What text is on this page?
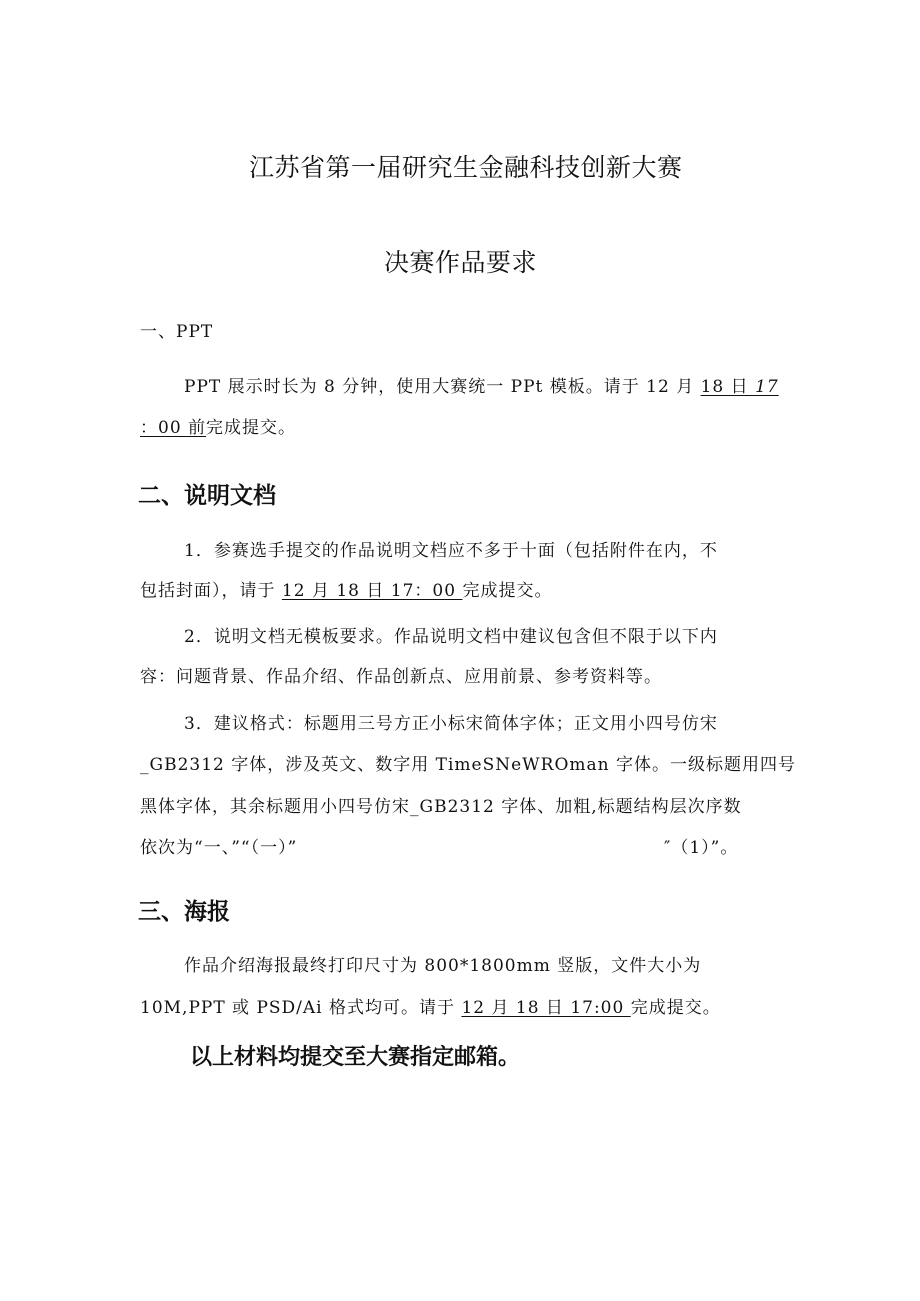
江苏省第一届研究生金融科技创新大赛
决赛作品要求
一、PPT
PPT 展示时长为 8 分钟，使用大赛统一 PPt 模板。请于 12 月 18 日 17
：00 前完成提交。
二、说明文档
1．参赛选手提交的作品说明文档应不多于十面（包括附件在内，不
包括封面），请于 12 月 18 日 17：00 完成提交。
2．说明文档无模板要求。作品说明文档中建议包含但不限于以下内
容：问题背景、作品介绍、作品创新点、应用前景、参考资料等。
3．建议格式：标题用三号方正小标宋简体字体；正文用小四号仿宋
_GB2312 字体，涉及英文、数字用 TimeSNeWROman 字体。一级标题用四号
黑体字体，其余标题用小四号仿宋_GB2312 字体、加粗,标题结构层次序数
依次为“一、”“（一）”	″（1）”。
三、海报
作品介绍海报最终打印尺寸为 800*1800mm 竖版，文件大小为
10M,PPT 或 PSD/Ai 格式均可。请于 12 月 18 日 17:00 完成提交。
以上材料均提交至大赛指定邮箱。
